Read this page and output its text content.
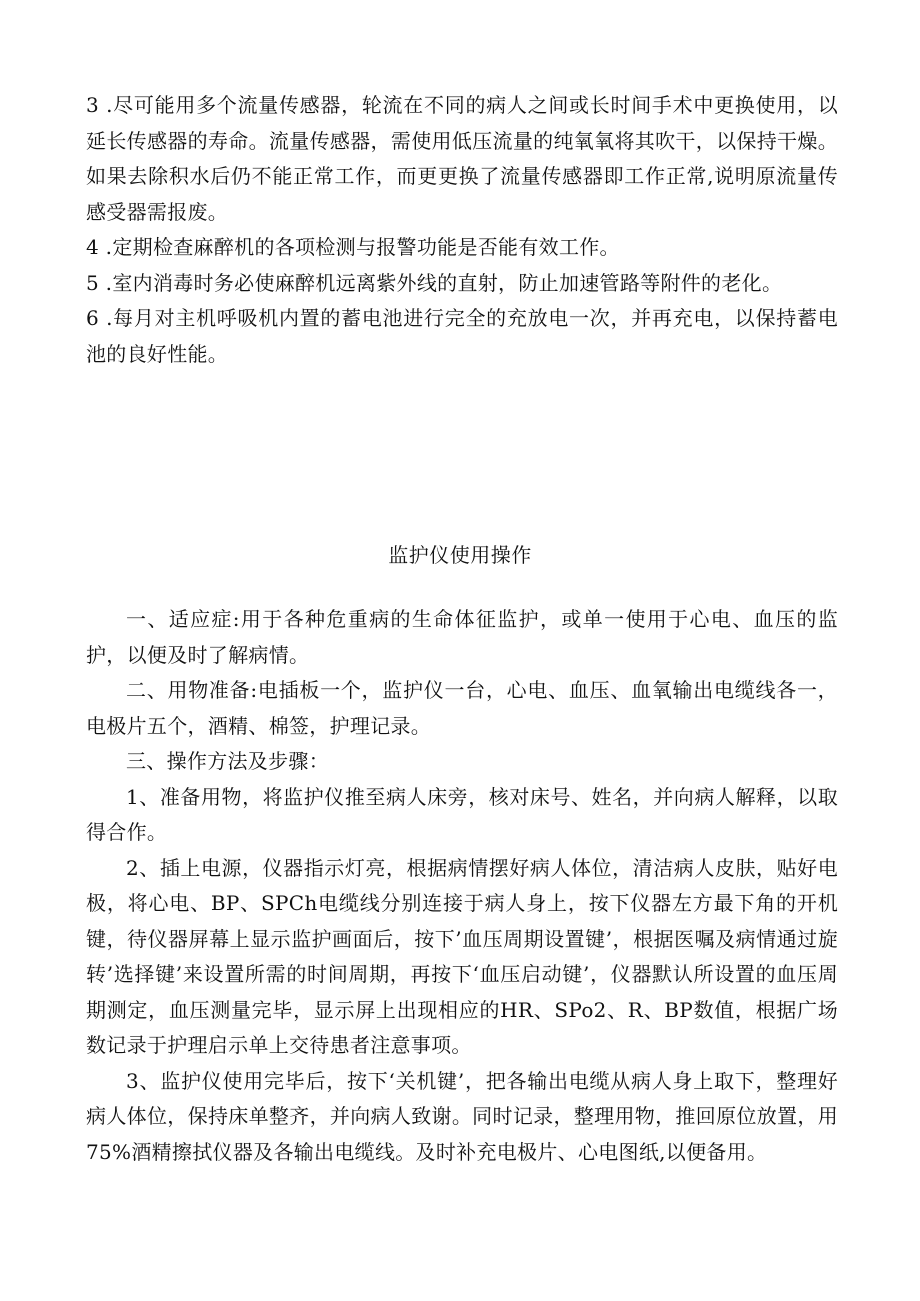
3 .尽可能用多个流量传感器，轮流在不同的病人之间或长时间手术中更换使用，以延长传感器的寿命。流量传感器，需使用低压流量的纯氧氧将其吹干，以保持干燥。如果去除积水后仍不能正常工作，而更更换了流量传感器即工作正常,说明原流量传感受器需报废。

4 .定期检查麻醉机的各项检测与报警功能是否能有效工作。

5 .室内消毒时务必使麻醉机远离紫外线的直射，防止加速管路等附件的老化。

6 .每月对主机呼吸机内置的蓄电池进行完全的充放电一次，并再充电，以保持蓄电池的良好性能。

监护仪使用操作

一、适应症:用于各种危重病的生命体征监护，或单一使用于心电、血压的监护，以便及时了解病情。

二、用物准备:电插板一个，监护仪一台，心电、血压、血氧输出电缆线各一，电极片五个，酒精、棉签，护理记录。

三、操作方法及步骤：

1、准备用物，将监护仪推至病人床旁，核对床号、姓名，并向病人解释，以取得合作。

2、插上电源，仪器指示灯亮，根据病情摆好病人体位，清洁病人皮肤，贴好电极，将心电、BP、SPCh电缆线分别连接于病人身上，按下仪器左方最下角的开机键，待仪器屏幕上显示监护画面后，按下’血压周期设置键’，根据医嘱及病情通过旋转’选择键’来设置所需的时间周期，再按下‘血压启动键’，仪器默认所设置的血压周期测定，血压测量完毕，显示屏上出现相应的HR、SPo2、R、BP数值，根据广场数记录于护理启示单上交待患者注意事项。

3、监护仪使用完毕后，按下‘关机键’，把各输出电缆从病人身上取下，整理好病人体位，保持床单整齐，并向病人致谢。同时记录，整理用物，推回原位放置，用75%酒精擦拭仪器及各输出电缆线。及时补充电极片、心电图纸,以便备用。
